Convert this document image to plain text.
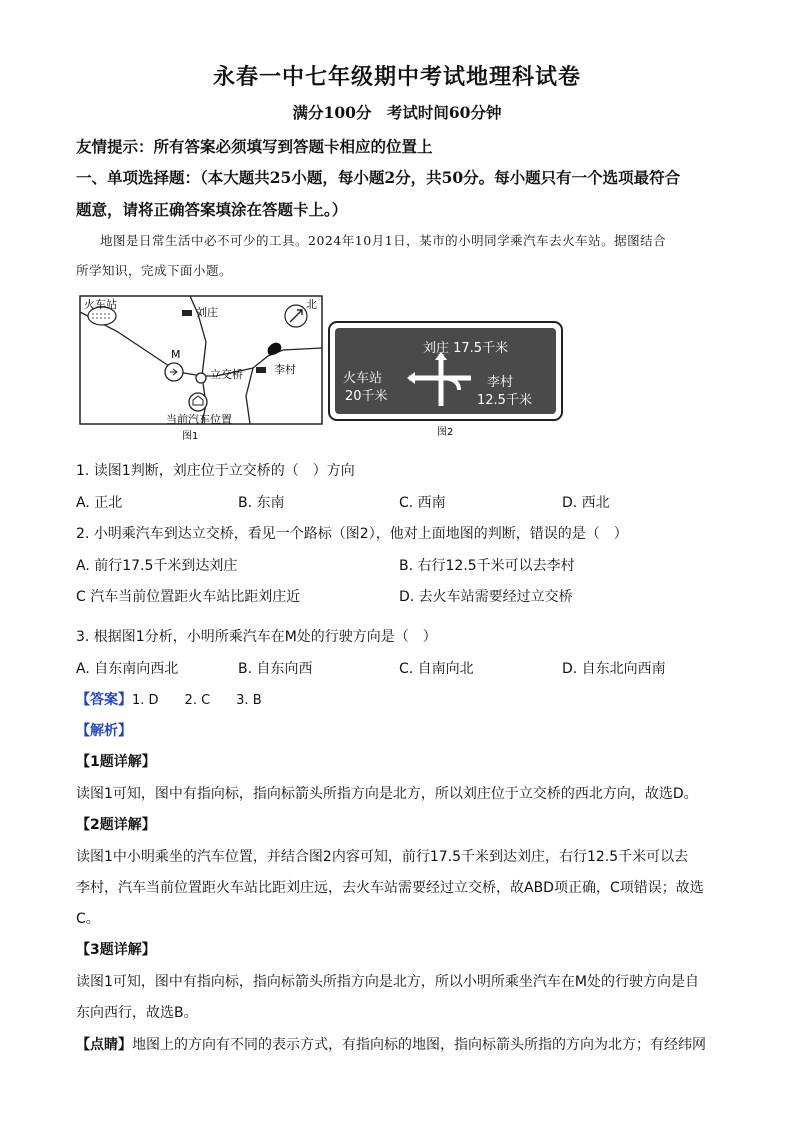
永春一中七年级期中考试地理科试卷
满分100分　考试时间60分钟
友情提示：所有答案必须填写到答题卡相应的位置上
一、单项选择题：（本大题共25小题，每小题2分，共50分。每小题只有一个选项最符合
题意，请将正确答案填涂在答题卡上。）
地图是日常生活中必不可少的工具。2024年10月1日，某市的小明同学乘汽车去火车站。据图结合
所学知识，完成下面小题。
火车站
刘庄
北
M
立交桥	李村
当前汽车位置
图1
刘庄 17.5千米
火车站
20千米
李村
12.5千米
图2
1. 读图1判断，刘庄位于立交桥的（　）方向
A. 正北	B. 东南	C. 西南	D. 西北
2. 小明乘汽车到达立交桥，看见一个路标（图2），他对上面地图的判断，错误的是（　）
A. 前行17.5千米到达刘庄	B. 右行12.5千米可以去李村
C 汽车当前位置距火车站比距刘庄近	D. 去火车站需要经过立交桥
3. 根据图1分析，小明所乘汽车在M处的行驶方向是（　）
A. 自东南向西北	B. 自东向西	C. 自南向北	D. 自东北向西南
【答案】1. D　　2. C　　3. B
【解析】
【1题详解】
读图1可知，图中有指向标，指向标箭头所指方向是北方，所以刘庄位于立交桥的西北方向，故选D。
【2题详解】
读图1中小明乘坐的汽车位置，并结合图2内容可知，前行17.5千米到达刘庄，右行12.5千米可以去
李村，汽车当前位置距火车站比距刘庄远，去火车站需要经过立交桥，故ABD项正确，C项错误；故选
C。
【3题详解】
读图1可知，图中有指向标，指向标箭头所指方向是北方，所以小明所乘坐汽车在M处的行驶方向是自
东向西行，故选B。
【点睛】地图上的方向有不同的表示方式，有指向标的地图，指向标箭头所指的方向为北方；有经纬网
